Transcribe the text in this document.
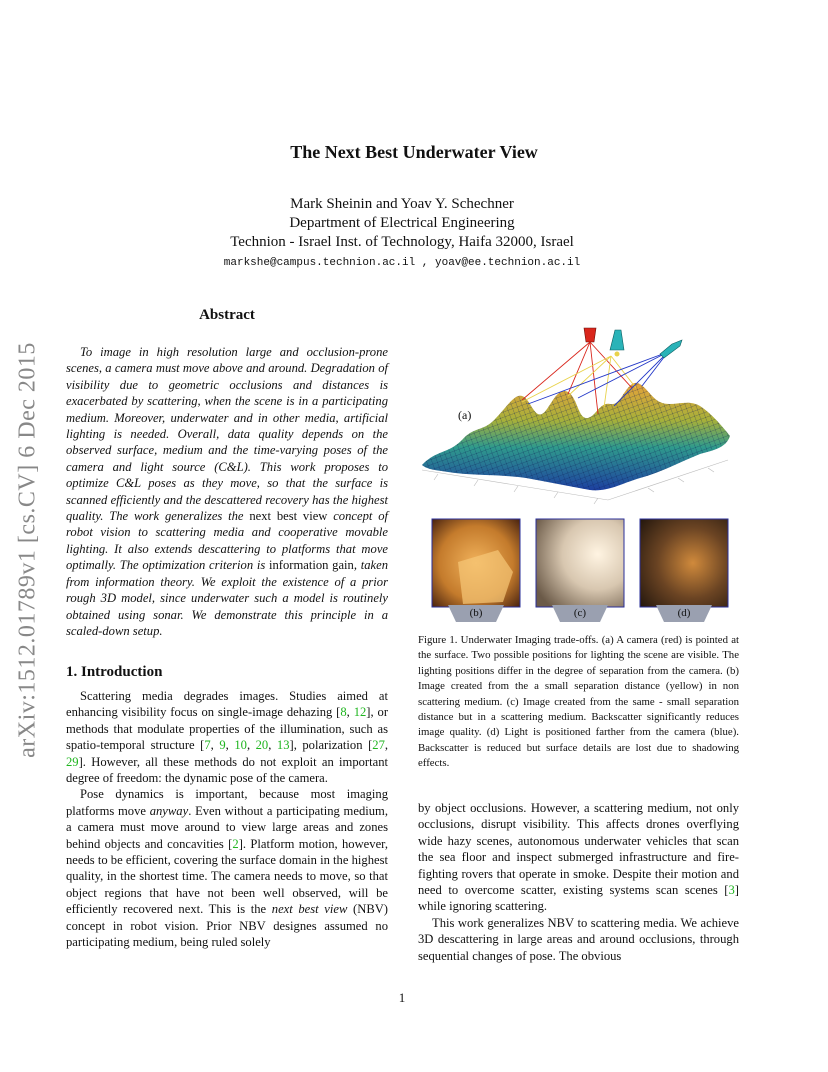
arXiv:1512.01789v1 [cs.CV] 6 Dec 2015
The Next Best Underwater View
Mark Sheinin and Yoav Y. Schechner
Department of Electrical Engineering
Technion - Israel Inst. of Technology, Haifa 32000, Israel
markshe@campus.technion.ac.il , yoav@ee.technion.ac.il
Abstract

To image in high resolution large and occlusion-prone scenes, a camera must move above and around. Degradation of visibility due to geometric occlusions and distances is exacerbated by scattering, when the scene is in a participating medium. Moreover, underwater and in other media, artificial lighting is needed. Overall, data quality depends on the observed surface, medium and the time-varying poses of the camera and light source (C&L). This work proposes to optimize C&L poses as they move, so that the surface is scanned efficiently and the descattered recovery has the highest quality. The work generalizes the next best view concept of robot vision to scattering media and cooperative movable lighting. It also extends descattering to platforms that move optimally. The optimization criterion is information gain, taken from information theory. We exploit the existence of a prior rough 3D model, since underwater such a model is routinely obtained using sonar. We demonstrate this principle in a scaled-down setup.

1. Introduction

Scattering media degrades images. Studies aimed at enhancing visibility focus on single-image dehazing [8, 12], or methods that modulate properties of the illumination, such as spatio-temporal structure [7, 9, 10, 20, 13], polarization [27, 29]. However, all these methods do not exploit an important degree of freedom: the dynamic pose of the camera.

Pose dynamics is important, because most imaging platforms move anyway. Even without a participating medium, a camera must move around to view large areas and zones behind objects and concavities [2]. Platform motion, however, needs to be efficient, covering the surface domain in the highest quality, in the shortest time. The camera needs to move, so that object regions that have not been well observed, will be efficiently recovered next. This is the next best view (NBV) concept in robot vision. Prior NBV designes assumed no participating medium, being ruled solely

(a)
(b)	(c)	(d)
Figure 1. Underwater Imaging trade-offs. (a) A camera (red) is pointed at the surface. Two possible positions for lighting the scene are visible. The lighting positions differ in the degree of separation from the camera. (b) Image created from the a small separation distance (yellow) in non scattering medium. (c) Image created from the same - small separation distance but in a scattering medium. Backscatter significantly reduces image quality. (d) Light is positioned farther from the camera (blue). Backscatter is reduced but surface details are lost due to shadowing effects.

by object occlusions. However, a scattering medium, not only occlusions, disrupt visibility. This affects drones overflying wide hazy scenes, autonomous underwater vehicles that scan the sea floor and inspect submerged infrastructure and fire-fighting rovers that operate in smoke. Despite their motion and need to overcome scatter, existing systems scan scenes [3] while ignoring scattering.

This work generalizes NBV to scattering media. We achieve 3D descattering in large areas and around occlusions, through sequential changes of pose. The obvious

1
